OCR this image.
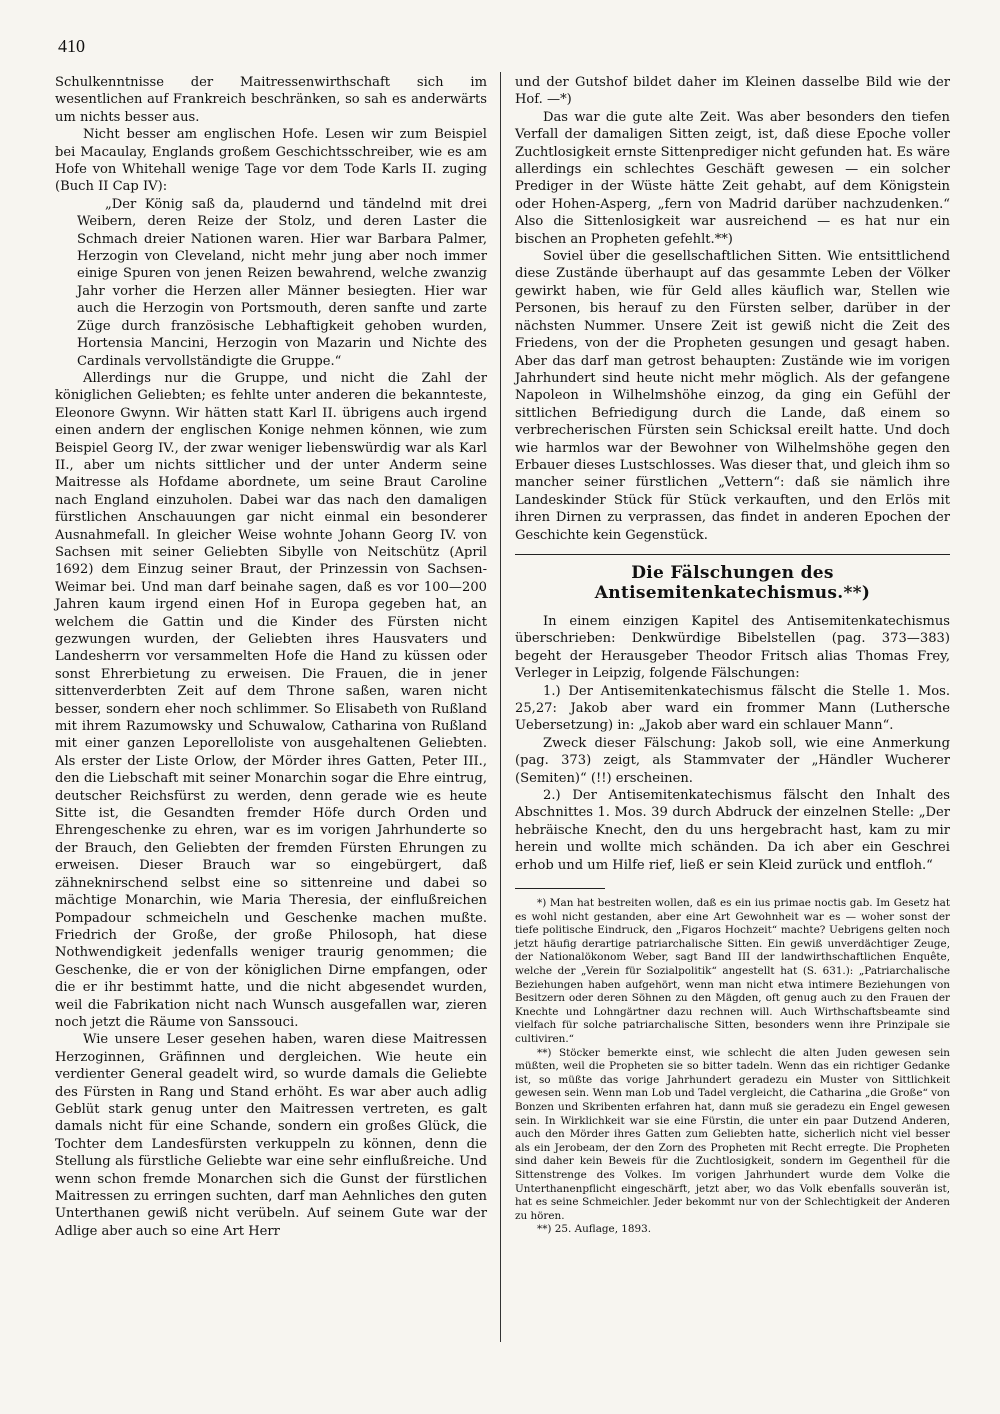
410

Schulkenntnisse der Maitressenwirthschaft sich im wesentlichen auf Frankreich beschränken, so sah es anderwärts um nichts besser aus.

Nicht besser am englischen Hofe. Lesen wir zum Beispiel bei Macaulay, Englands großem Geschichtsschreiber, wie es am Hofe von Whitehall wenige Tage vor dem Tode Karls II. zuging (Buch II Cap IV):

„Der König saß da, plaudernd und tändelnd mit drei Weibern, deren Reize der Stolz, und deren Laster die Schmach dreier Nationen waren. Hier war Barbara Palmer, Herzogin von Cleveland, nicht mehr jung aber noch immer einige Spuren von jenen Reizen bewahrend, welche zwanzig Jahr vorher die Herzen aller Männer besiegten. Hier war auch die Herzogin von Portsmouth, deren sanfte und zarte Züge durch französische Lebhaftigkeit gehoben wurden, Hortensia Mancini, Herzogin von Mazarin und Nichte des Cardinals vervollständigte die Gruppe.“

Allerdings nur die Gruppe, und nicht die Zahl der königlichen Geliebten; es fehlte unter anderen die bekannteste, Eleonore Gwynn. Wir hätten statt Karl II. übrigens auch irgend einen andern der englischen Konige nehmen können, wie zum Beispiel Georg IV., der zwar weniger liebenswürdig war als Karl II., aber um nichts sittlicher und der unter Anderm seine Maitresse als Hofdame abordnete, um seine Braut Caroline nach England einzuholen. Dabei war das nach den damaligen fürstlichen Anschauungen gar nicht einmal ein besonderer Ausnahmefall. In gleicher Weise wohnte Johann Georg IV. von Sachsen mit seiner Geliebten Sibylle von Neitschütz (April 1692) dem Einzug seiner Braut, der Prinzessin von Sachsen-Weimar bei. Und man darf beinahe sagen, daß es vor 100—200 Jahren kaum irgend einen Hof in Europa gegeben hat, an welchem die Gattin und die Kinder des Fürsten nicht gezwungen wurden, der Geliebten ihres Hausvaters und Landesherrn vor versammelten Hofe die Hand zu küssen oder sonst Ehrerbietung zu erweisen. Die Frauen, die in jener sittenverderbten Zeit auf dem Throne saßen, waren nicht besser, sondern eher noch schlimmer. So Elisabeth von Rußland mit ihrem Razumowsky und Schuwalow, Catharina von Rußland mit einer ganzen Leporelloliste von ausgehaltenen Geliebten. Als erster der Liste Orlow, der Mörder ihres Gatten, Peter III., den die Liebschaft mit seiner Monarchin sogar die Ehre eintrug, deutscher Reichsfürst zu werden, denn gerade wie es heute Sitte ist, die Gesandten fremder Höfe durch Orden und Ehrengeschenke zu ehren, war es im vorigen Jahrhunderte so der Brauch, den Geliebten der fremden Fürsten Ehrungen zu erweisen. Dieser Brauch war so eingebürgert, daß zähneknirschend selbst eine so sittenreine und dabei so mächtige Monarchin, wie Maria Theresia, der einflußreichen Pompadour schmeicheln und Geschenke machen mußte. Friedrich der Große, der große Philosoph, hat diese Nothwendigkeit jedenfalls weniger traurig genommen; die Geschenke, die er von der königlichen Dirne empfangen, oder die er ihr bestimmt hatte, und die nicht abgesendet wurden, weil die Fabrikation nicht nach Wunsch ausgefallen war, zieren noch jetzt die Räume von Sanssouci.

Wie unsere Leser gesehen haben, waren diese Maitressen Herzoginnen, Gräfinnen und dergleichen. Wie heute ein verdienter General geadelt wird, so wurde damals die Geliebte des Fürsten in Rang und Stand erhöht. Es war aber auch adlig Geblüt stark genug unter den Maitressen vertreten, es galt damals nicht für eine Schande, sondern ein großes Glück, die Tochter dem Landesfürsten verkuppeln zu können, denn die Stellung als fürstliche Geliebte war eine sehr einflußreiche. Und wenn schon fremde Monarchen sich die Gunst der fürstlichen Maitressen zu erringen suchten, darf man Aehnliches den guten Unterthanen gewiß nicht verübeln. Auf seinem Gute war der Adlige aber auch so eine Art Herr

und der Gutshof bildet daher im Kleinen dasselbe Bild wie der Hof. —*)

Das war die gute alte Zeit. Was aber besonders den tiefen Verfall der damaligen Sitten zeigt, ist, daß diese Epoche voller Zuchtlosigkeit ernste Sittenprediger nicht gefunden hat. Es wäre allerdings ein schlechtes Geschäft gewesen — ein solcher Prediger in der Wüste hätte Zeit gehabt, auf dem Königstein oder Hohen-Asperg, „fern von Madrid darüber nachzudenken.“ Also die Sittenlosigkeit war ausreichend — es hat nur ein bischen an Propheten gefehlt.**)

Soviel über die gesellschaftlichen Sitten. Wie entsittlichend diese Zustände überhaupt auf das gesammte Leben der Völker gewirkt haben, wie für Geld alles käuflich war, Stellen wie Personen, bis herauf zu den Fürsten selber, darüber in der nächsten Nummer. Unsere Zeit ist gewiß nicht die Zeit des Friedens, von der die Propheten gesungen und gesagt haben. Aber das darf man getrost behaupten: Zustände wie im vorigen Jahrhundert sind heute nicht mehr möglich. Als der gefangene Napoleon in Wilhelmshöhe einzog, da ging ein Gefühl der sittlichen Befriedigung durch die Lande, daß einem so verbrecherischen Fürsten sein Schicksal ereilt hatte. Und doch wie harmlos war der Bewohner von Wilhelmshöhe gegen den Erbauer dieses Lustschlosses. Was dieser that, und gleich ihm so mancher seiner fürstlichen „Vettern“: daß sie nämlich ihre Landeskinder Stück für Stück verkauften, und den Erlös mit ihren Dirnen zu verprassen, das findet in anderen Epochen der Geschichte kein Gegenstück.

Die Fälschungen des Antisemitenkatechismus.**)

In einem einzigen Kapitel des Antisemitenkatechismus überschrieben: Denkwürdige Bibelstellen (pag. 373—383) begeht der Herausgeber Theodor Fritsch alias Thomas Frey, Verleger in Leipzig, folgende Fälschungen:

1.) Der Antisemitenkatechismus fälscht die Stelle 1. Mos. 25,27: Jakob aber ward ein frommer Mann (Luthersche Uebersetzung) in: „Jakob aber ward ein schlauer Mann“.

Zweck dieser Fälschung: Jakob soll, wie eine Anmerkung (pag. 373) zeigt, als Stammvater der „Händler Wucherer (Semiten)“ (!!) erscheinen.

2.) Der Antisemitenkatechismus fälscht den Inhalt des Abschnittes 1. Mos. 39 durch Abdruck der einzelnen Stelle: „Der hebräische Knecht, den du uns hergebracht hast, kam zu mir herein und wollte mich schänden. Da ich aber ein Geschrei erhob und um Hilfe rief, ließ er sein Kleid zurück und entfloh.“

*) Man hat bestreiten wollen, daß es ein ius primae noctis gab. Im Gesetz hat es wohl nicht gestanden, aber eine Art Gewohnheit war es — woher sonst der tiefe politische Eindruck, den „Figaros Hochzeit“ machte? Uebrigens gelten noch jetzt häufig derartige patriarchalische Sitten. Ein gewiß unverdächtiger Zeuge, der Nationalökonom Weber, sagt Band III der landwirthschaftlichen Enquête, welche der „Verein für Sozialpolitik“ angestellt hat (S. 631.): „Patriarchalische Beziehungen haben aufgehört, wenn man nicht etwa intimere Beziehungen von Besitzern oder deren Söhnen zu den Mägden, oft genug auch zu den Frauen der Knechte und Lohngärtner dazu rechnen will. Auch Wirthschaftsbeamte sind vielfach für solche patriarchalische Sitten, besonders wenn ihre Prinzipale sie cultiviren.“

**) Stöcker bemerkte einst, wie schlecht die alten Juden gewesen sein müßten, weil die Propheten sie so bitter tadeln. Wenn das ein richtiger Gedanke ist, so müßte das vorige Jahrhundert geradezu ein Muster von Sittlichkeit gewesen sein. Wenn man Lob und Tadel vergleicht, die Catharina „die Große“ von Bonzen und Skribenten erfahren hat, dann muß sie geradezu ein Engel gewesen sein. In Wirklichkeit war sie eine Fürstin, die unter ein paar Dutzend Anderen, auch den Mörder ihres Gatten zum Geliebten hatte, sicherlich nicht viel besser als ein Jerobeam, der den Zorn des Propheten mit Recht erregte. Die Propheten sind daher kein Beweis für die Zuchtlosigkeit, sondern im Gegentheil für die Sittenstrenge des Volkes. Im vorigen Jahrhundert wurde dem Volke die Unterthanenpflicht eingeschärft, jetzt aber, wo das Volk ebenfalls souverän ist, hat es seine Schmeichler. Jeder bekommt nur von der Schlechtigkeit der Anderen zu hören.

**) 25. Auflage, 1893.
